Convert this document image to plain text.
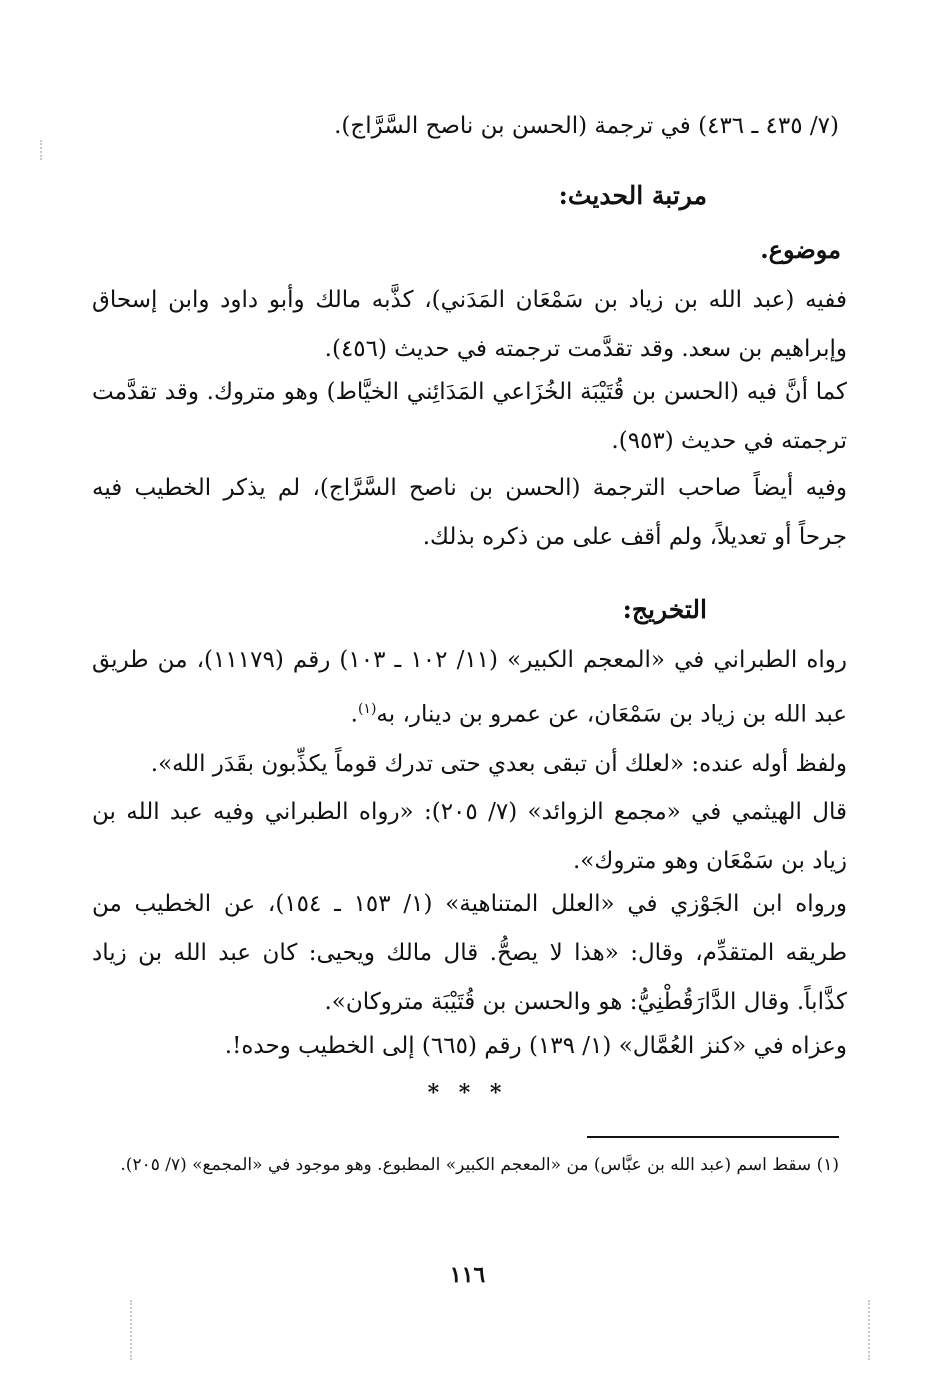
(٧/ ٤٣٥ ـ ٤٣٦) في ترجمة (الحسن بن ناصح السَّرَّاج).
مرتبة الحديث:
موضوع.
ففيه (عبد الله بن زياد بن سَمْعَان المَدَني)، كذَّبه مالك وأبو داود وابن إسحاق وإبراهيم بن سعد. وقد تقدَّمت ترجمته في حديث (٤٥٦).
كما أنَّ فيه (الحسن بن قُتَيْبَة الخُزَاعي المَدَائِني الخيَّاط) وهو متروك. وقد تقدَّمت ترجمته في حديث (٩٥٣).
وفيه أيضاً صاحب الترجمة (الحسن بن ناصح السَّرَّاج)، لم يذكر الخطيب فيه جرحاً أو تعديلاً، ولم أقف على من ذكره بذلك.
التخريج:
رواه الطبراني في «المعجم الكبير» (١١/ ١٠٢ ـ ١٠٣) رقم (١١١٧٩)، من طريق عبد الله بن زياد بن سَمْعَان، عن عمرو بن دينار، به$^{(١)}$.
ولفظ أوله عنده: «لعلك أن تبقى بعدي حتى تدرك قوماً يكذِّبون بقَدَر الله».
قال الهيثمي في «مجمع الزوائد» (٧/ ٢٠٥): «رواه الطبراني وفيه عبد الله بن زياد بن سَمْعَان وهو متروك».
ورواه ابن الجَوْزي في «العلل المتناهية» (١/ ١٥٣ ـ ١٥٤)، عن الخطيب من طريقه المتقدِّم، وقال: «هذا لا يصحُّ. قال مالك ويحيى: كان عبد الله بن زياد كذَّاباً. وقال الدَّارَقُطْنِيُّ: هو والحسن بن قُتَيْبَة متروكان».
وعزاه في «كنز العُمَّال» (١/ ١٣٩) رقم (٦٦٥) إلى الخطيب وحده!.
* * *
(١) سقط اسم (عبد الله بن عبَّاس) من «المعجم الكبير» المطبوع. وهو موجود في «المجمع» (٧/ ٢٠٥).
١١٦
